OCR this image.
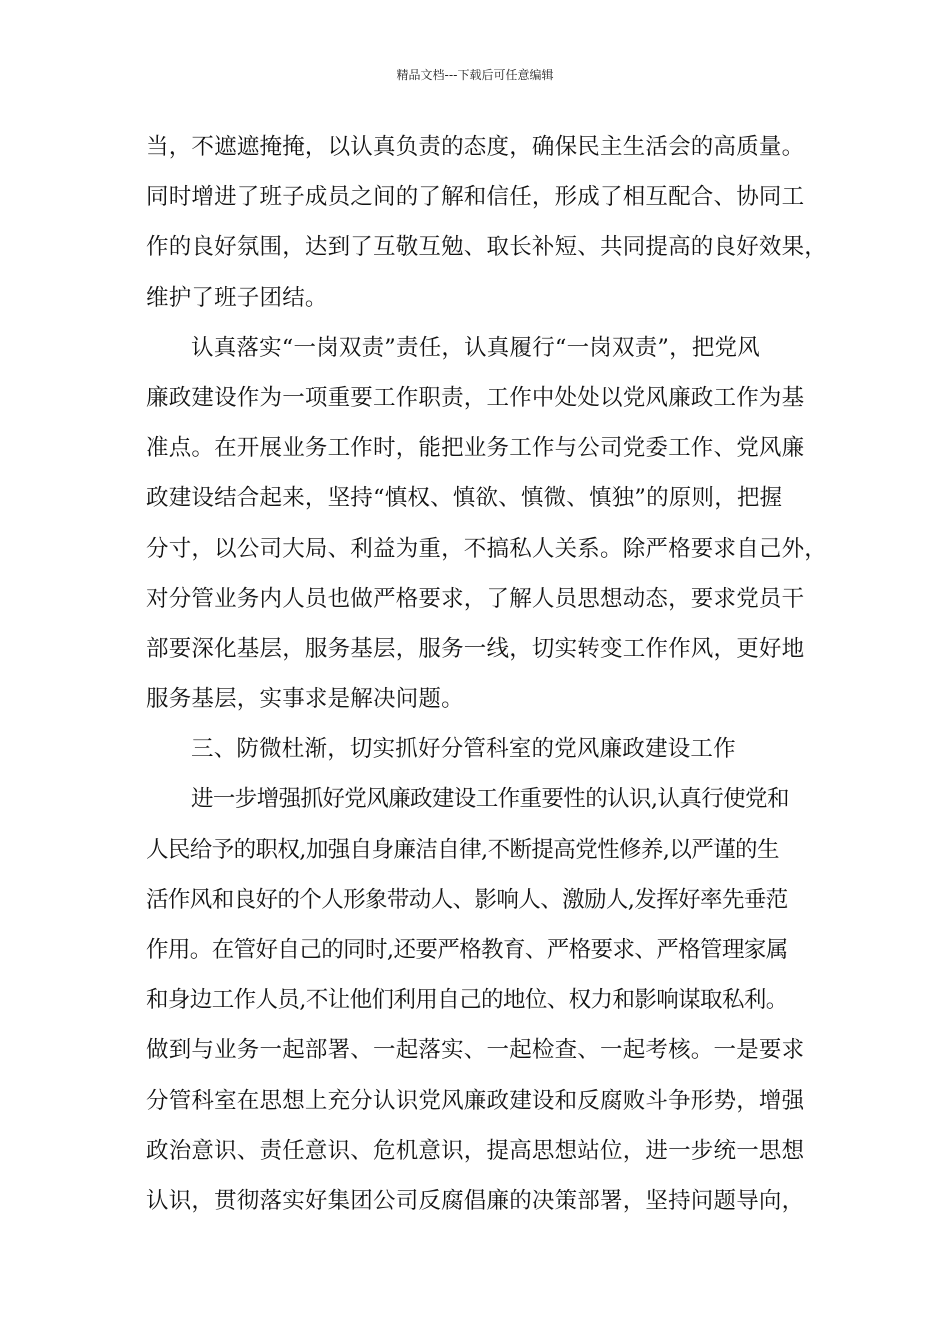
精品文档---下载后可任意编辑
当，不遮遮掩掩，以认真负责的态度，确保民主生活会的高质量。
同时增进了班子成员之间的了解和信任，形成了相互配合、协同工
作的良好氛围，达到了互敬互勉、取长补短、共同提高的良好效果，
维护了班子团结。
认真落实“一岗双责”责任，认真履行“一岗双责”，把党风
廉政建设作为一项重要工作职责，工作中处处以党风廉政工作为基
准点。在开展业务工作时，能把业务工作与公司党委工作、党风廉
政建设结合起来，坚持“慎权、慎欲、慎微、慎独”的原则，把握
分寸，以公司大局、利益为重，不搞私人关系。除严格要求自己外，
对分管业务内人员也做严格要求，了解人员思想动态，要求党员干
部要深化基层，服务基层，服务一线，切实转变工作作风，更好地
服务基层，实事求是解决问题。
三、防微杜渐，切实抓好分管科室的党风廉政建设工作
进一步增强抓好党风廉政建设工作重要性的认识,认真行使党和
人民给予的职权,加强自身廉洁自律,不断提高党性修养,以严谨的生
活作风和良好的个人形象带动人、影响人、激励人,发挥好率先垂范
作用。在管好自己的同时,还要严格教育、严格要求、严格管理家属
和身边工作人员,不让他们利用自己的地位、权力和影响谋取私利。
做到与业务一起部署、一起落实、一起检查、一起考核。一是要求
分管科室在思想上充分认识党风廉政建设和反腐败斗争形势，增强
政治意识、责任意识、危机意识，提高思想站位，进一步统一思想
认识，贯彻落实好集团公司反腐倡廉的决策部署，坚持问题导向，
